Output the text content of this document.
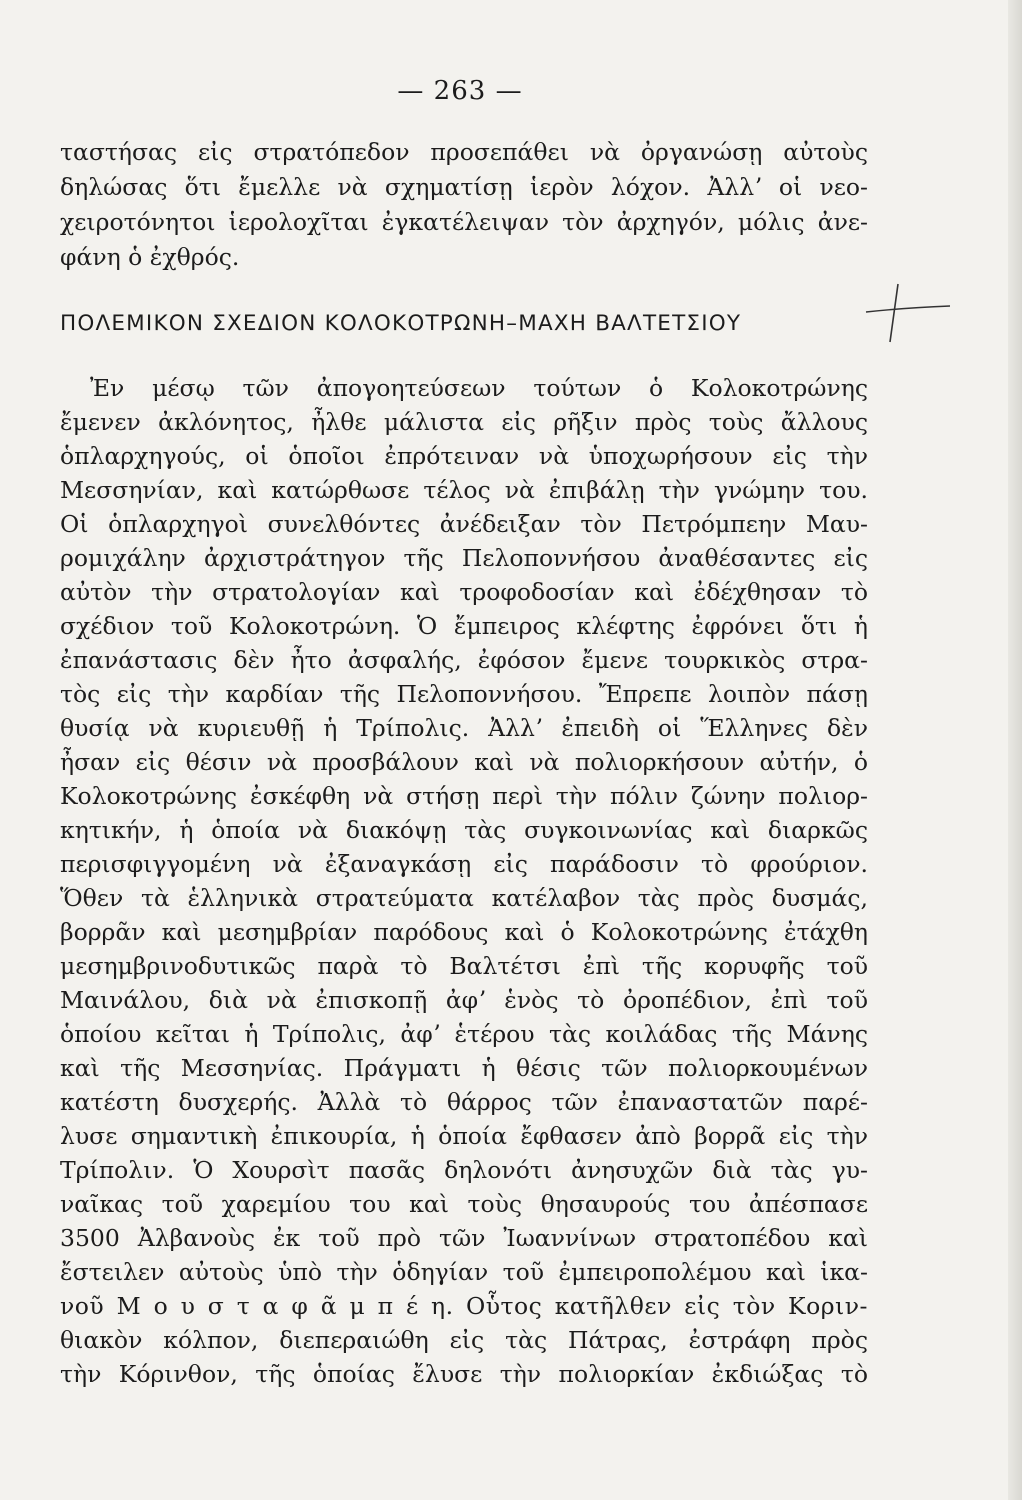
— 263 —
ταστήσας εἰς στρατόπεδον προσεπάθει νὰ ὀργανώσῃ αὐτοὺς
δηλώσας ὅτι ἔμελλε νὰ σχηματίσῃ ἱερὸν λόχον. Ἀλλʼ οἱ νεο-
χειροτόνητοι ἱερολοχῖται ἐγκατέλειψαν τὸν ἀρχηγόν, μόλις ἀνε-
φάνη ὁ ἐχθρός.
ΠΟΛΕΜΙΚΟΝ ΣΧΕΔΙΟΝ ΚΟΛΟΚΟΤΡΩΝΗ–ΜΑΧΗ ΒΑΛΤΕΤΣΙΟΥ
Ἐν μέσῳ τῶν ἀπογοητεύσεων τούτων ὁ Κολοκοτρώνης
ἔμενεν ἀκλόνητος, ἦλθε μάλιστα εἰς ρῆξιν πρὸς τοὺς ἄλλους
ὁπλαρχηγούς, οἱ ὁποῖοι ἐπρότειναν νὰ ὑποχωρήσουν εἰς τὴν
Μεσσηνίαν, καὶ κατώρθωσε τέλος νὰ ἐπιβάλῃ τὴν γνώμην του.
Οἱ ὁπλαρχηγοὶ συνελθόντες ἀνέδειξαν τὸν Πετρόμπεην Μαυ-
ρομιχάλην ἀρχιστράτηγον τῆς Πελοποννήσου ἀναθέσαντες εἰς
αὐτὸν τὴν στρατολογίαν καὶ τροφοδοσίαν καὶ ἐδέχθησαν τὸ
σχέδιον τοῦ Κολοκοτρώνη. Ὁ ἔμπειρος κλέφτης ἐφρόνει ὅτι ἡ
ἐπανάστασις δὲν ἦτο ἀσφαλής, ἐφόσον ἔμενε τουρκικὸς στρα-
τὸς εἰς τὴν καρδίαν τῆς Πελοποννήσου. Ἔπρεπε λοιπὸν πάσῃ
θυσίᾳ νὰ κυριευθῇ ἡ Τρίπολις. Ἀλλʼ ἐπειδὴ οἱ Ἕλληνες δὲν
ἦσαν εἰς θέσιν νὰ προσβάλουν καὶ νὰ πολιορκήσουν αὐτήν, ὁ
Κολοκοτρώνης ἐσκέφθη νὰ στήσῃ περὶ τὴν πόλιν ζώνην πολιορ-
κητικήν, ἡ ὁποία νὰ διακόψῃ τὰς συγκοινωνίας καὶ διαρκῶς
περισφιγγομένη νὰ ἐξαναγκάσῃ εἰς παράδοσιν τὸ φρούριον.
Ὅθεν τὰ ἑλληνικὰ στρατεύματα κατέλαβον τὰς πρὸς δυσμάς,
βορρᾶν καὶ μεσημβρίαν παρόδους καὶ ὁ Κολοκοτρώνης ἐτάχθη
μεσημβρινοδυτικῶς παρὰ τὸ Βαλτέτσι ἐπὶ τῆς κορυφῆς τοῦ
Μαινάλου, διὰ νὰ ἐπισκοπῇ ἀφʼ ἑνὸς τὸ ὀροπέδιον, ἐπὶ τοῦ
ὁποίου κεῖται ἡ Τρίπολις, ἀφʼ ἑτέρου τὰς κοιλάδας τῆς Μάνης
καὶ τῆς Μεσσηνίας. Πράγματι ἡ θέσις τῶν πολιορκουμένων
κατέστη δυσχερής. Ἀλλὰ τὸ θάρρος τῶν ἐπαναστατῶν παρέ-
λυσε σημαντικὴ ἐπικουρία, ἡ ὁποία ἔφθασεν ἀπὸ βορρᾶ εἰς τὴν
Τρίπολιν. Ὁ Χουρσὶτ πασᾶς δηλονότι ἀνησυχῶν διὰ τὰς γυ-
ναῖκας τοῦ χαρεμίου του καὶ τοὺς θησαυρούς του ἀπέσπασε
3500 Ἀλβανοὺς ἐκ τοῦ πρὸ τῶν Ἰωαννίνων στρατοπέδου καὶ
ἔστειλεν αὐτοὺς ὑπὸ τὴν ὁδηγίαν τοῦ ἐμπειροπολέμου καὶ ἱκα-
νοῦ Μ ο υ σ τ α φ ᾶ μ π έ η. Οὗτος κατῆλθεν εἰς τὸν Κοριν-
θιακὸν κόλπον, διεπεραιώθη εἰς τὰς Πάτρας, ἐστράφη πρὸς
τὴν Κόρινθον, τῆς ὁποίας ἔλυσε τὴν πολιορκίαν ἐκδιώξας τὸ
